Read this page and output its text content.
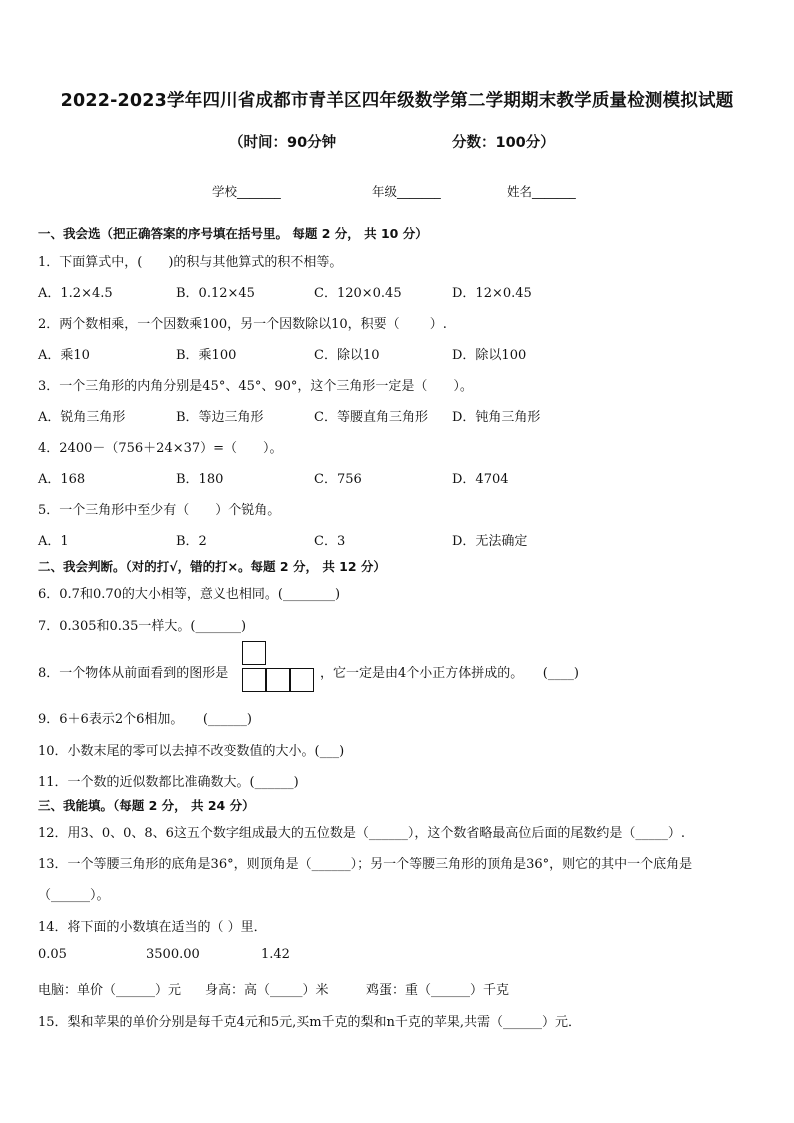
2022-2023学年四川省成都市青羊区四年级数学第二学期期末教学质量检测模拟试题
（时间：90分钟	分数：100分）
学校_______	年级_______	姓名_______
一、我会选（把正确答案的序号填在括号里。 每题 2 分， 共 10 分）
1．下面算式中，(　　)的积与其他算式的积不相等。
A．1.2×4.5	B．0.12×45	C．120×0.45	D．12×0.45
2．两个数相乘，一个因数乘100，另一个因数除以10，积要（　　 ）.
A．乘10	B．乘100	C．除以10	D．除以100
3．一个三角形的内角分别是45°、45°、90°，这个三角形一定是（　　）。
A．锐角三角形	B．等边三角形	C．等腰直角三角形 D．钝角三角形
4．2400－（756＋24×37）=（　　）。
A．168	B．180	C．756	D．4704
5．一个三角形中至少有（　　）个锐角。
A．1	B．2	C．3	D．无法确定
二、我会判断。（对的打√，错的打×。每题 2 分， 共 12 分）
6．0.7和0.70的大小相等，意义也相同。(________)
7．0.305和0.35一样大。(_______)
8．一个物体从前面看到的图形是	，它一定是由4个小正方体拼成的。　　(____)
9．6＋6表示2个6相加。　　(______)
10．小数末尾的零可以去掉不改变数值的大小。(___)
11．一个数的近似数都比准确数大。(______)
三、我能填。（每题 2 分， 共 24 分）
12．用3、0、0、8、6这五个数字组成最大的五位数是（______），这个数省略最高位后面的尾数约是（_____）.
13．一个等腰三角形的底角是36°，则顶角是（______）；另一个等腰三角形的顶角是36°，则它的其中一个底角是
（______）。
14．将下面的小数填在适当的（ ）里．
0.05	3500.00	1.42
电脑：单价（______）元 身高：高（_____）米	鸡蛋：重（______）千克
15．梨和苹果的单价分别是每千克4元和5元,买m千克的梨和n千克的苹果,共需（______）元．
